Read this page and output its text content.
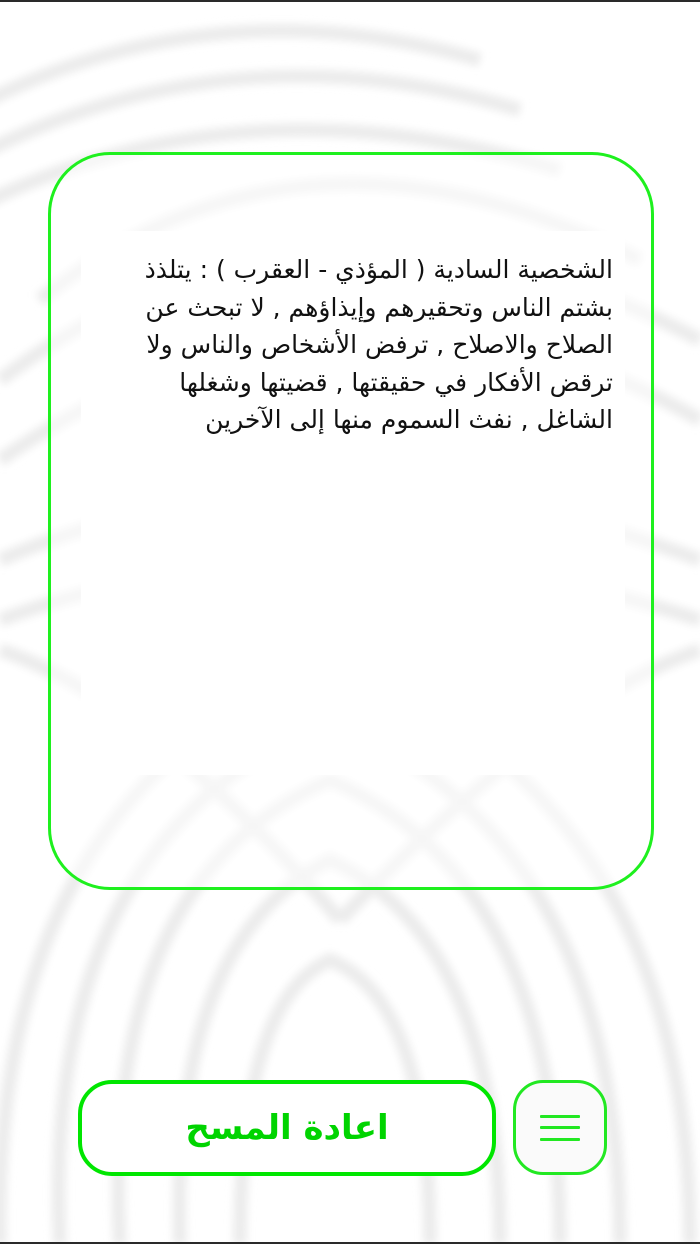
الشخصية السادية ( المؤذي - العقرب ) : يتلذذ بشتم الناس وتحقيرهم وإيذاؤهم , لا تبحث عن الصلاح والاصلاح , ترفض الأشخاص والناس ولا ترقض الأفكار في حقيقتها , قضيتها وشغلها الشاغل , نفث السموم منها إلى الآخرين

اعادة المسح
